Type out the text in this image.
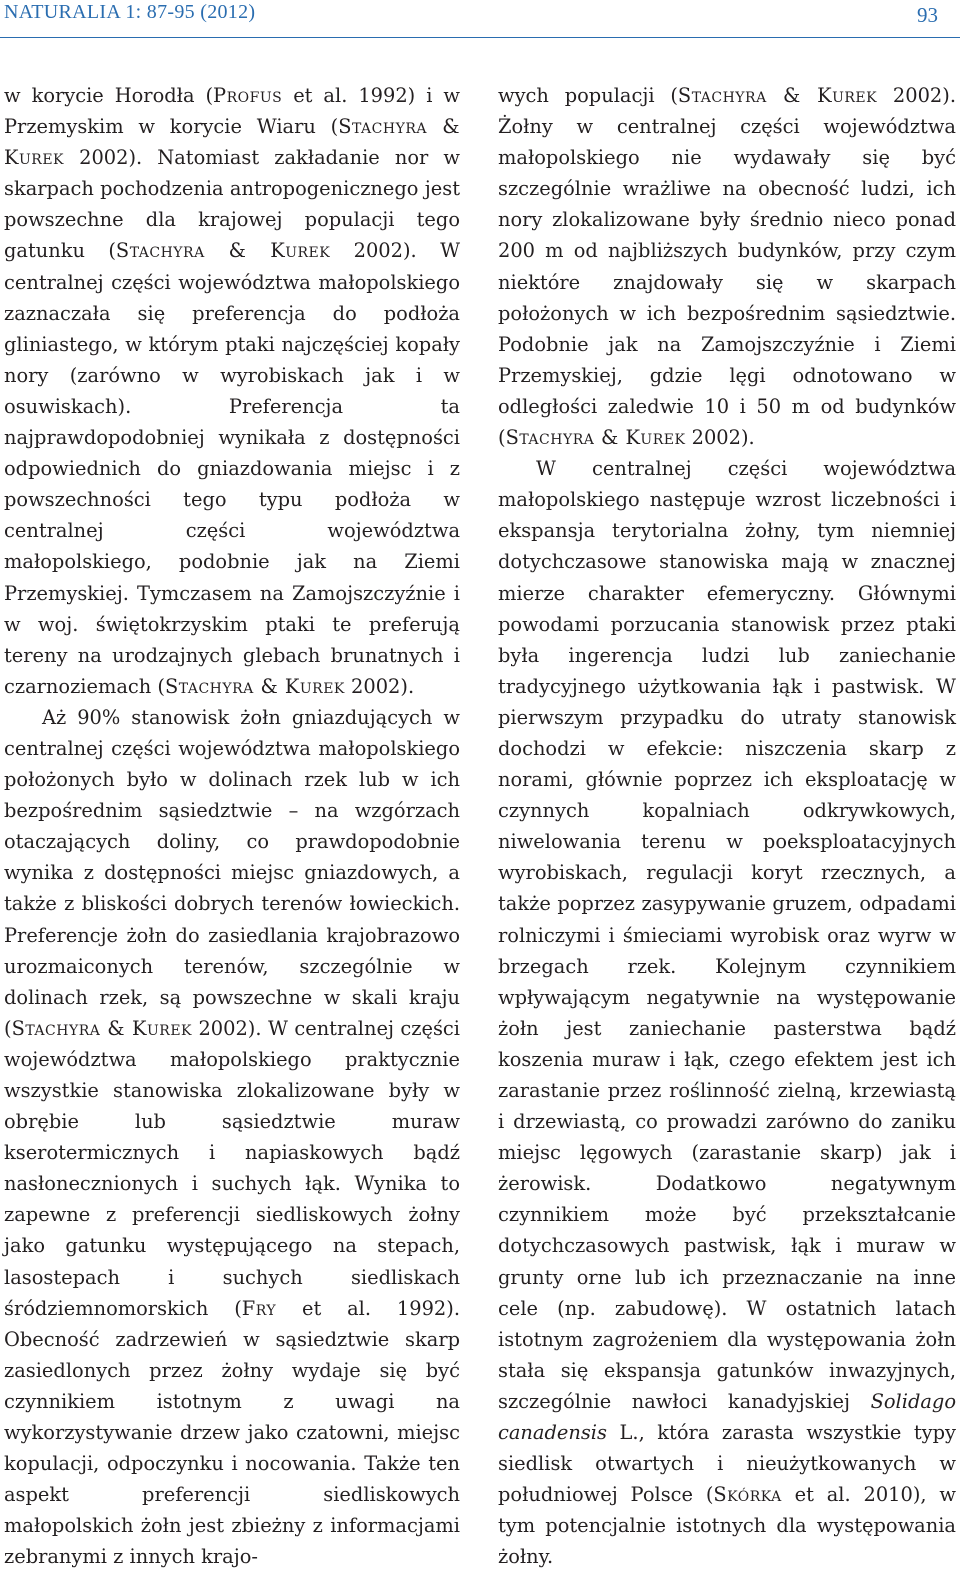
NATURALIA 1: 87-95 (2012)	93

w korycie Horodła (Profus et al. 1992) i w Przemyskim w korycie Wiaru (Stachyra & Kurek 2002). Natomiast zakładanie nor w skarpach pochodzenia antropogenicznego jest powszechne dla krajowej populacji tego gatunku (Stachyra & Kurek 2002). W centralnej części województwa małopolskiego zaznaczała się preferencja do podłoża gliniastego, w którym ptaki najczęściej kopały nory (zarówno w wyrobiskach jak i w osuwiskach). Preferencja ta najprawdopodobniej wynikała z dostępności odpowiednich do gniazdowania miejsc i z powszechności tego typu podłoża w centralnej części województwa małopolskiego, podobnie jak na Ziemi Przemyskiej. Tymczasem na Zamojszczyźnie i w woj. świętokrzyskim ptaki te preferują tereny na urodzajnych glebach brunatnych i czarnoziemach (Stachyra & Kurek 2002).

Aż 90% stanowisk żołn gniazdujących w centralnej części województwa małopolskiego położonych było w dolinach rzek lub w ich bezpośrednim sąsiedztwie – na wzgórzach otaczających doliny, co prawdopodobnie wynika z dostępności miejsc gniazdowych, a także z bliskości dobrych terenów łowieckich. Preferencje żołn do zasiedlania krajobrazowo urozmaiconych terenów, szczególnie w dolinach rzek, są powszechne w skali kraju (Stachyra & Kurek 2002). W centralnej części województwa małopolskiego praktycznie wszystkie stanowiska zlokalizowane były w obrębie lub sąsiedztwie muraw kserotermicznych i napiaskowych bądź nasłonecznionych i suchych łąk. Wynika to zapewne z preferencji siedliskowych żołny jako gatunku występującego na stepach, lasostepach i suchych siedliskach śródziemnomorskich (Fry et al. 1992). Obecność zadrzewień w sąsiedztwie skarp zasiedlonych przez żołny wydaje się być czynnikiem istotnym z uwagi na wykorzystywanie drzew jako czatowni, miejsc kopulacji, odpoczynku i nocowania. Także ten aspekt preferencji siedliskowych małopolskich żołn jest zbieżny z informacjami zebranymi z innych krajo-

wych populacji (Stachyra & Kurek 2002). Żołny w centralnej części województwa małopolskiego nie wydawały się być szczególnie wrażliwe na obecność ludzi, ich nory zlokalizowane były średnio nieco ponad 200 m od najbliższych budynków, przy czym niektóre znajdowały się w skarpach położonych w ich bezpośrednim sąsiedztwie. Podobnie jak na Zamojszczyźnie i Ziemi Przemyskiej, gdzie lęgi odnotowano w odległości zaledwie 10 i 50 m od budynków (Stachyra & Kurek 2002).

W centralnej części województwa małopolskiego następuje wzrost liczebności i ekspansja terytorialna żołny, tym niemniej dotychczasowe stanowiska mają w znacznej mierze charakter efemeryczny. Głównymi powodami porzucania stanowisk przez ptaki była ingerencja ludzi lub zaniechanie tradycyjnego użytkowania łąk i pastwisk. W pierwszym przypadku do utraty stanowisk dochodzi w efekcie: niszczenia skarp z norami, głównie poprzez ich eksploatację w czynnych kopalniach odkrywkowych, niwelowania terenu w poeksploatacyjnych wyrobiskach, regulacji koryt rzecznych, a także poprzez zasypywanie gruzem, odpadami rolniczymi i śmieciami wyrobisk oraz wyrw w brzegach rzek. Kolejnym czynnikiem wpływającym negatywnie na występowanie żołn jest zaniechanie pasterstwa bądź koszenia muraw i łąk, czego efektem jest ich zarastanie przez roślinność zielną, krzewiastą i drzewiastą, co prowadzi zarówno do zaniku miejsc lęgowych (zarastanie skarp) jak i żerowisk. Dodatkowo negatywnym czynnikiem może być przekształcanie dotychczasowych pastwisk, łąk i muraw w grunty orne lub ich przeznaczanie na inne cele (np. zabudowę). W ostatnich latach istotnym zagrożeniem dla występowania żołn stała się ekspansja gatunków inwazyjnych, szczególnie nawłoci kanadyjskiej Solidago canadensis L., która zarasta wszystkie typy siedlisk otwartych i nieużytkowanych w południowej Polsce (Skórka et al. 2010), w tym potencjalnie istotnych dla występowania żołny.
